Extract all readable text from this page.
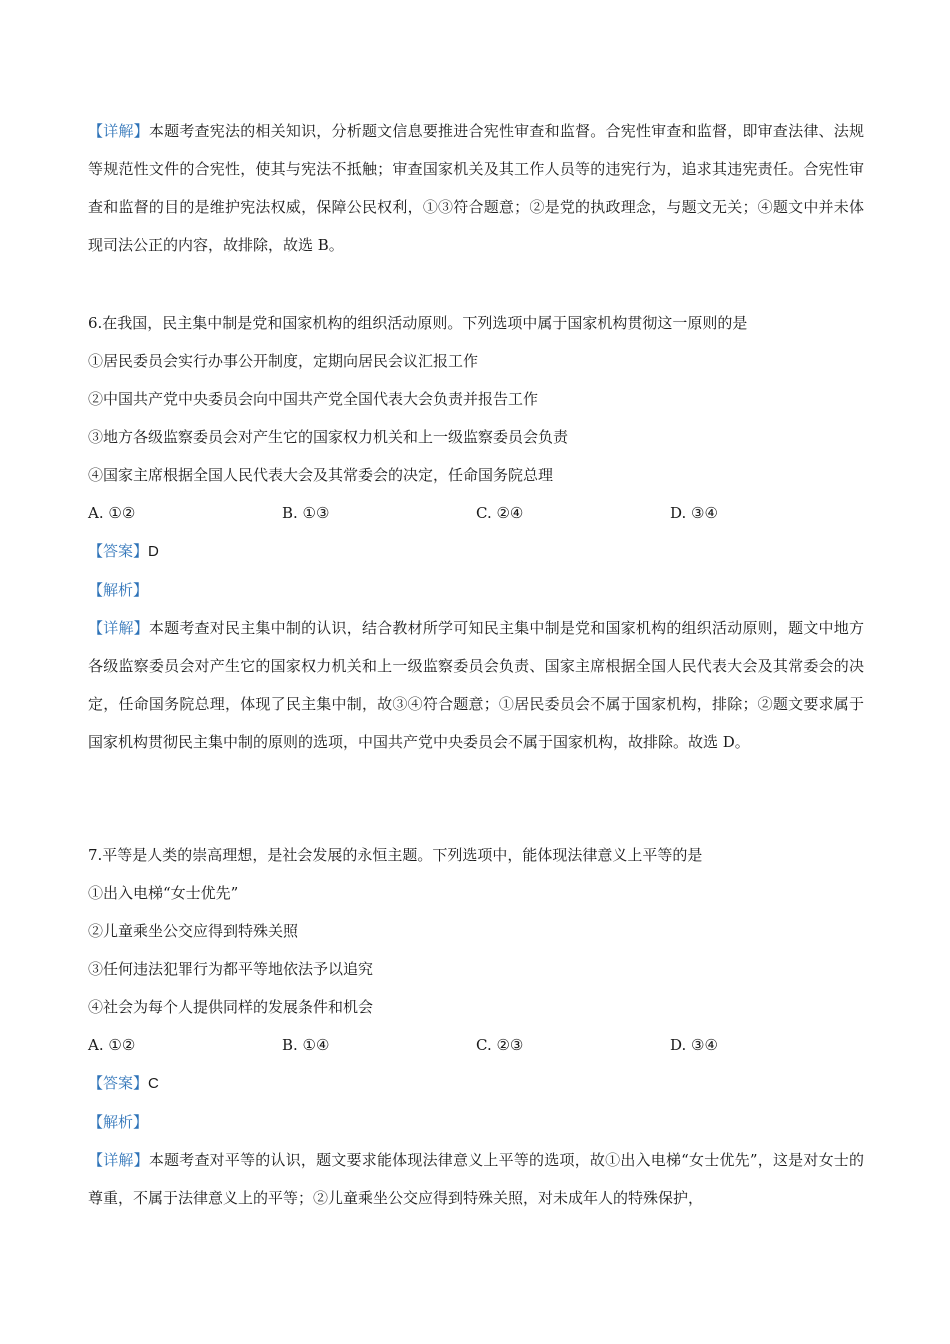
【详解】本题考查宪法的相关知识，分析题文信息要推进合宪性审查和监督。合宪性审查和监督，即审查法律、法规等规范性文件的合宪性，使其与宪法不抵触；审查国家机关及其工作人员等的违宪行为，追求其违宪责任。合宪性审查和监督的目的是维护宪法权威，保障公民权利，①③符合题意；②是党的执政理念，与题文无关；④题文中并未体现司法公正的内容，故排除，故选 B。
6.在我国，民主集中制是党和国家机构的组织活动原则。下列选项中属于国家机构贯彻这一原则的是
①居民委员会实行办事公开制度，定期向居民会议汇报工作
②中国共产党中央委员会向中国共产党全国代表大会负责并报告工作
③地方各级监察委员会对产生它的国家权力机关和上一级监察委员会负责
④国家主席根据全国人民代表大会及其常委会的决定，任命国务院总理
A. ①②	B. ①③	C. ②④	D. ③④
【答案】D
【解析】
【详解】本题考查对民主集中制的认识，结合教材所学可知民主集中制是党和国家机构的组织活动原则，题文中地方各级监察委员会对产生它的国家权力机关和上一级监察委员会负责、国家主席根据全国人民代表大会及其常委会的决定，任命国务院总理，体现了民主集中制，故③④符合题意；①居民委员会不属于国家机构，排除；②题文要求属于国家机构贯彻民主集中制的原则的选项，中国共产党中央委员会不属于国家机构，故排除。故选 D。
7.平等是人类的崇高理想，是社会发展的永恒主题。下列选项中，能体现法律意义上平等的是
①出入电梯“女士优先”
②儿童乘坐公交应得到特殊关照
③任何违法犯罪行为都平等地依法予以追究
④社会为每个人提供同样的发展条件和机会
A. ①②	B. ①④	C. ②③	D. ③④
【答案】C
【解析】
【详解】本题考查对平等的认识，题文要求能体现法律意义上平等的选项，故①出入电梯“女士优先”，这是对女士的尊重，不属于法律意义上的平等；②儿童乘坐公交应得到特殊关照，对未成年人的特殊保护，
